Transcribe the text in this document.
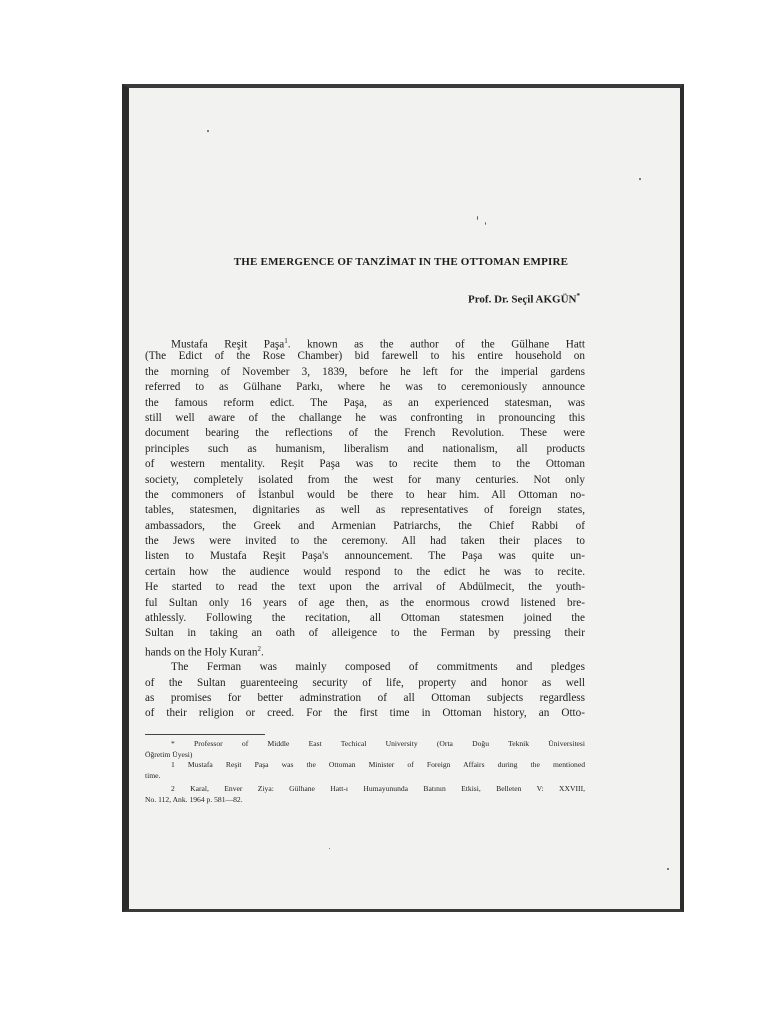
THE EMERGENCE OF TANZİMAT IN THE OTTOMAN EMPIRE
Prof. Dr. Seçil AKGÜN*
Mustafa Reşit Paşa$^1$. known as the author of the Gülhane Hatt
(The Edict of the Rose Chamber) bid farewell to his entire household on
the morning of November 3, 1839, before he left for the imperial gardens
referred to as Gülhane Parkı, where he was to ceremoniously announce
the famous reform edict. The Paşa, as an experienced statesman, was
still well aware of the challange he was confronting in pronouncing this
document bearing the reflections of the French Revolution. These were
principles such as humanism, liberalism and nationalism, all products
of western mentality. Reşit Paşa was to recite them to the Ottoman
society, completely isolated from the west for many centuries. Not only
the commoners of İstanbul would be there to hear him. All Ottoman no-
tables, statesmen, dignitaries as well as representatives of foreign states,
ambassadors, the Greek and Armenian Patriarchs, the Chief Rabbi of
the Jews were invited to the ceremony. All had taken their places to
listen to Mustafa Reşit Paşa's announcement. The Paşa was quite un-
certain how the audience would respond to the edict he was to recite.
He started to read the text upon the arrival of Abdülmecit, the youth-
ful Sultan only 16 years of age then, as the enormous crowd listened bre-
athlessly. Following the recitation, all Ottoman statesmen joined the
Sultan in taking an oath of alleigence to the Ferman by pressing their
hands on the Holy Kuran$^2$.
The Ferman was mainly composed of commitments and pledges
of the Sultan guarenteeing security of life, property and honor as well
as promises for better adminstration of all Ottoman subjects regardless
of their religion or creed. For the first time in Ottoman history, an Otto-
* Professor of Middle East Techical University (Orta Doğu Teknik Üniversitesi
Öğretim Üyesi)
1 Mustafa Reşit Paşa was the Ottoman Minister of Foreign Affairs during the mentioned
time.
2 Karal, Enver Ziya: Gülhane Hatt-ı Humayununda Batının Etkisi, Belleten V: XXVIII,
No. 112, Ank. 1964 p. 581—82.
